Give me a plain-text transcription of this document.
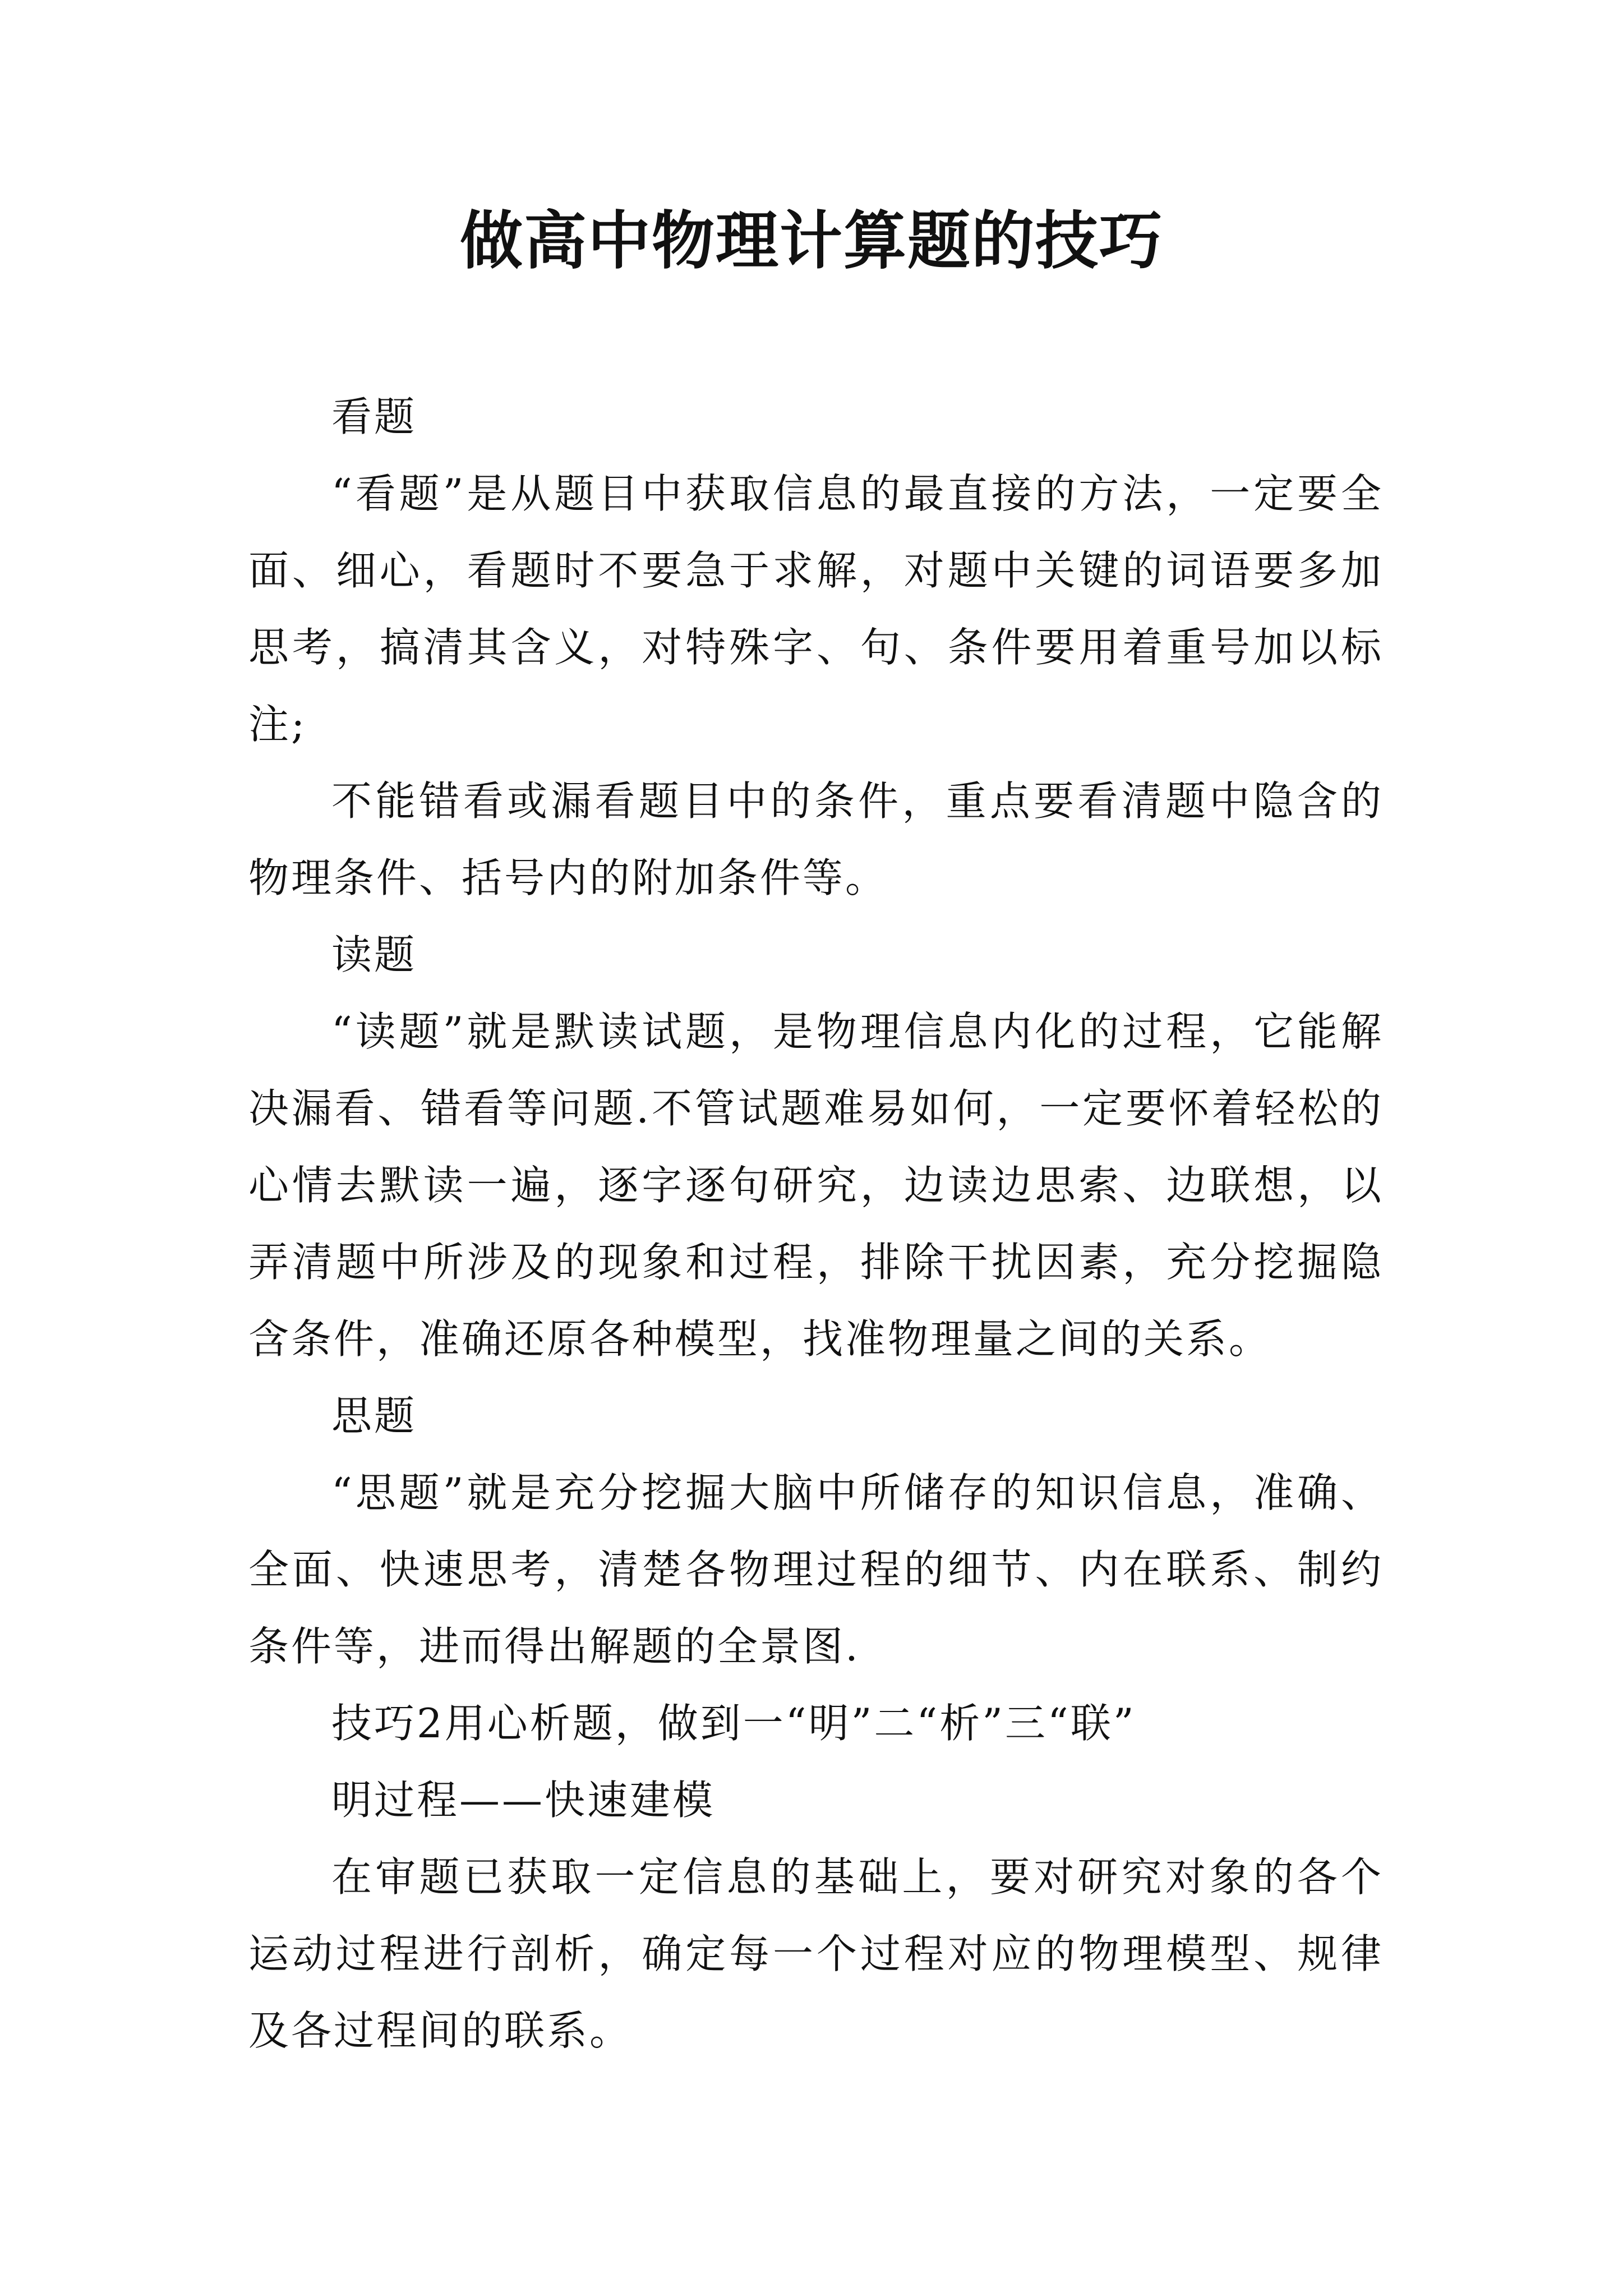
做高中物理计算题的技巧

看题

“看题”是从题目中获取信息的最直接的方法，一定要全面、细心，看题时不要急于求解，对题中关键的词语要多加思考，搞清其含义，对特殊字、句、条件要用着重号加以标注;

不能错看或漏看题目中的条件，重点要看清题中隐含的物理条件、括号内的附加条件等。

读题

“读题”就是默读试题，是物理信息内化的过程，它能解决漏看、错看等问题.不管试题难易如何，一定要怀着轻松的心情去默读一遍，逐字逐句研究，边读边思索、边联想，以弄清题中所涉及的现象和过程，排除干扰因素，充分挖掘隐含条件，准确还原各种模型，找准物理量之间的关系。

思题

“思题”就是充分挖掘大脑中所储存的知识信息，准确、全面、快速思考，清楚各物理过程的细节、内在联系、制约条件等，进而得出解题的全景图.

技巧2用心析题，做到一“明”二“析”三“联”

明过程——快速建模

在审题已获取一定信息的基础上，要对研究对象的各个运动过程进行剖析，确定每一个过程对应的物理模型、规律及各过程间的联系。
